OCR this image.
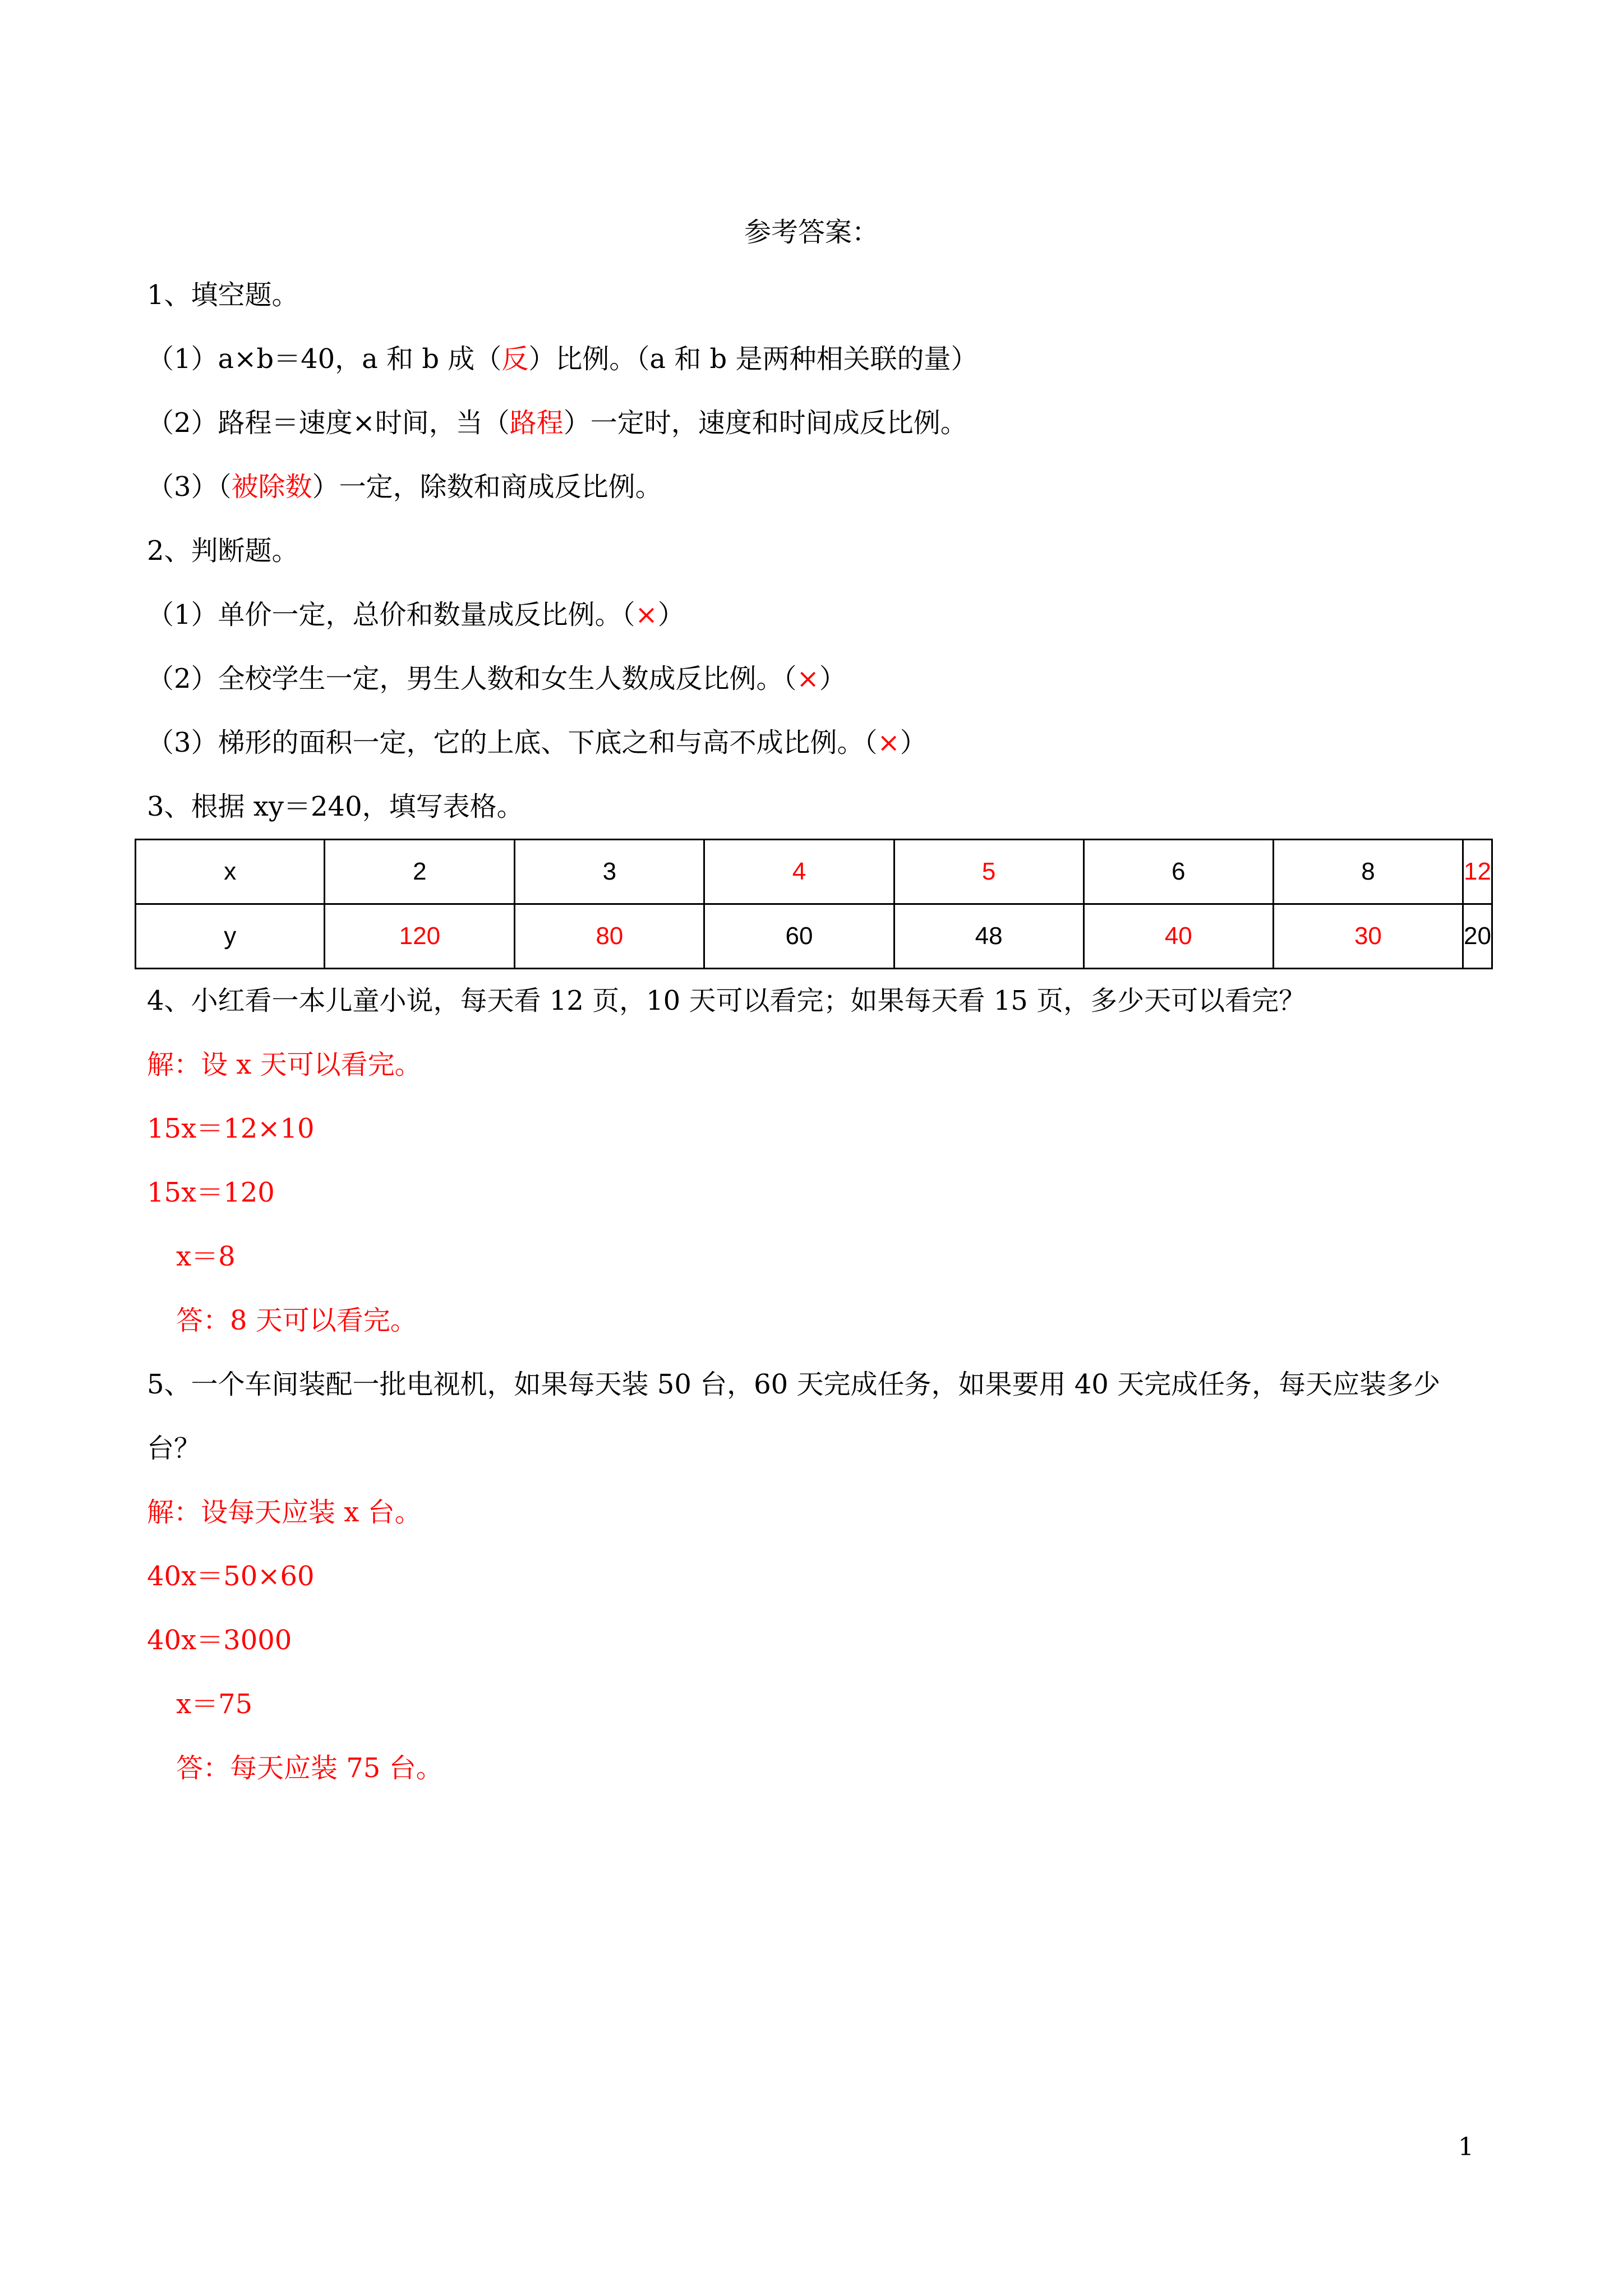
参考答案：
1、填空题。
（1）a×b＝40，a 和 b 成（反）比例。（a 和 b 是两种相关联的量）
（2）路程＝速度×时间，当（路程）一定时，速度和时间成反比例。
（3）（被除数）一定，除数和商成反比例。
2、判断题。
（1）单价一定，总价和数量成反比例。（×）
（2）全校学生一定，男生人数和女生人数成反比例。（×）
（3）梯形的面积一定，它的上底、下底之和与高不成比例。（×）
3、根据 xy＝240，填写表格。
x	2	3	4	5	6	8	12
y	120	80	60	48	40	30	20
4、小红看一本儿童小说，每天看 12 页，10 天可以看完；如果每天看 15 页，多少天可以看完？
解：设 x 天可以看完。
15x＝12×10
15x＝120
x＝8
答：8 天可以看完。
5、一个车间装配一批电视机，如果每天装 50 台，60 天完成任务，如果要用 40 天完成任务，每天应装多少
台？
解：设每天应装 x 台。
40x＝50×60
40x＝3000
x＝75
答：每天应装 75 台。
1
